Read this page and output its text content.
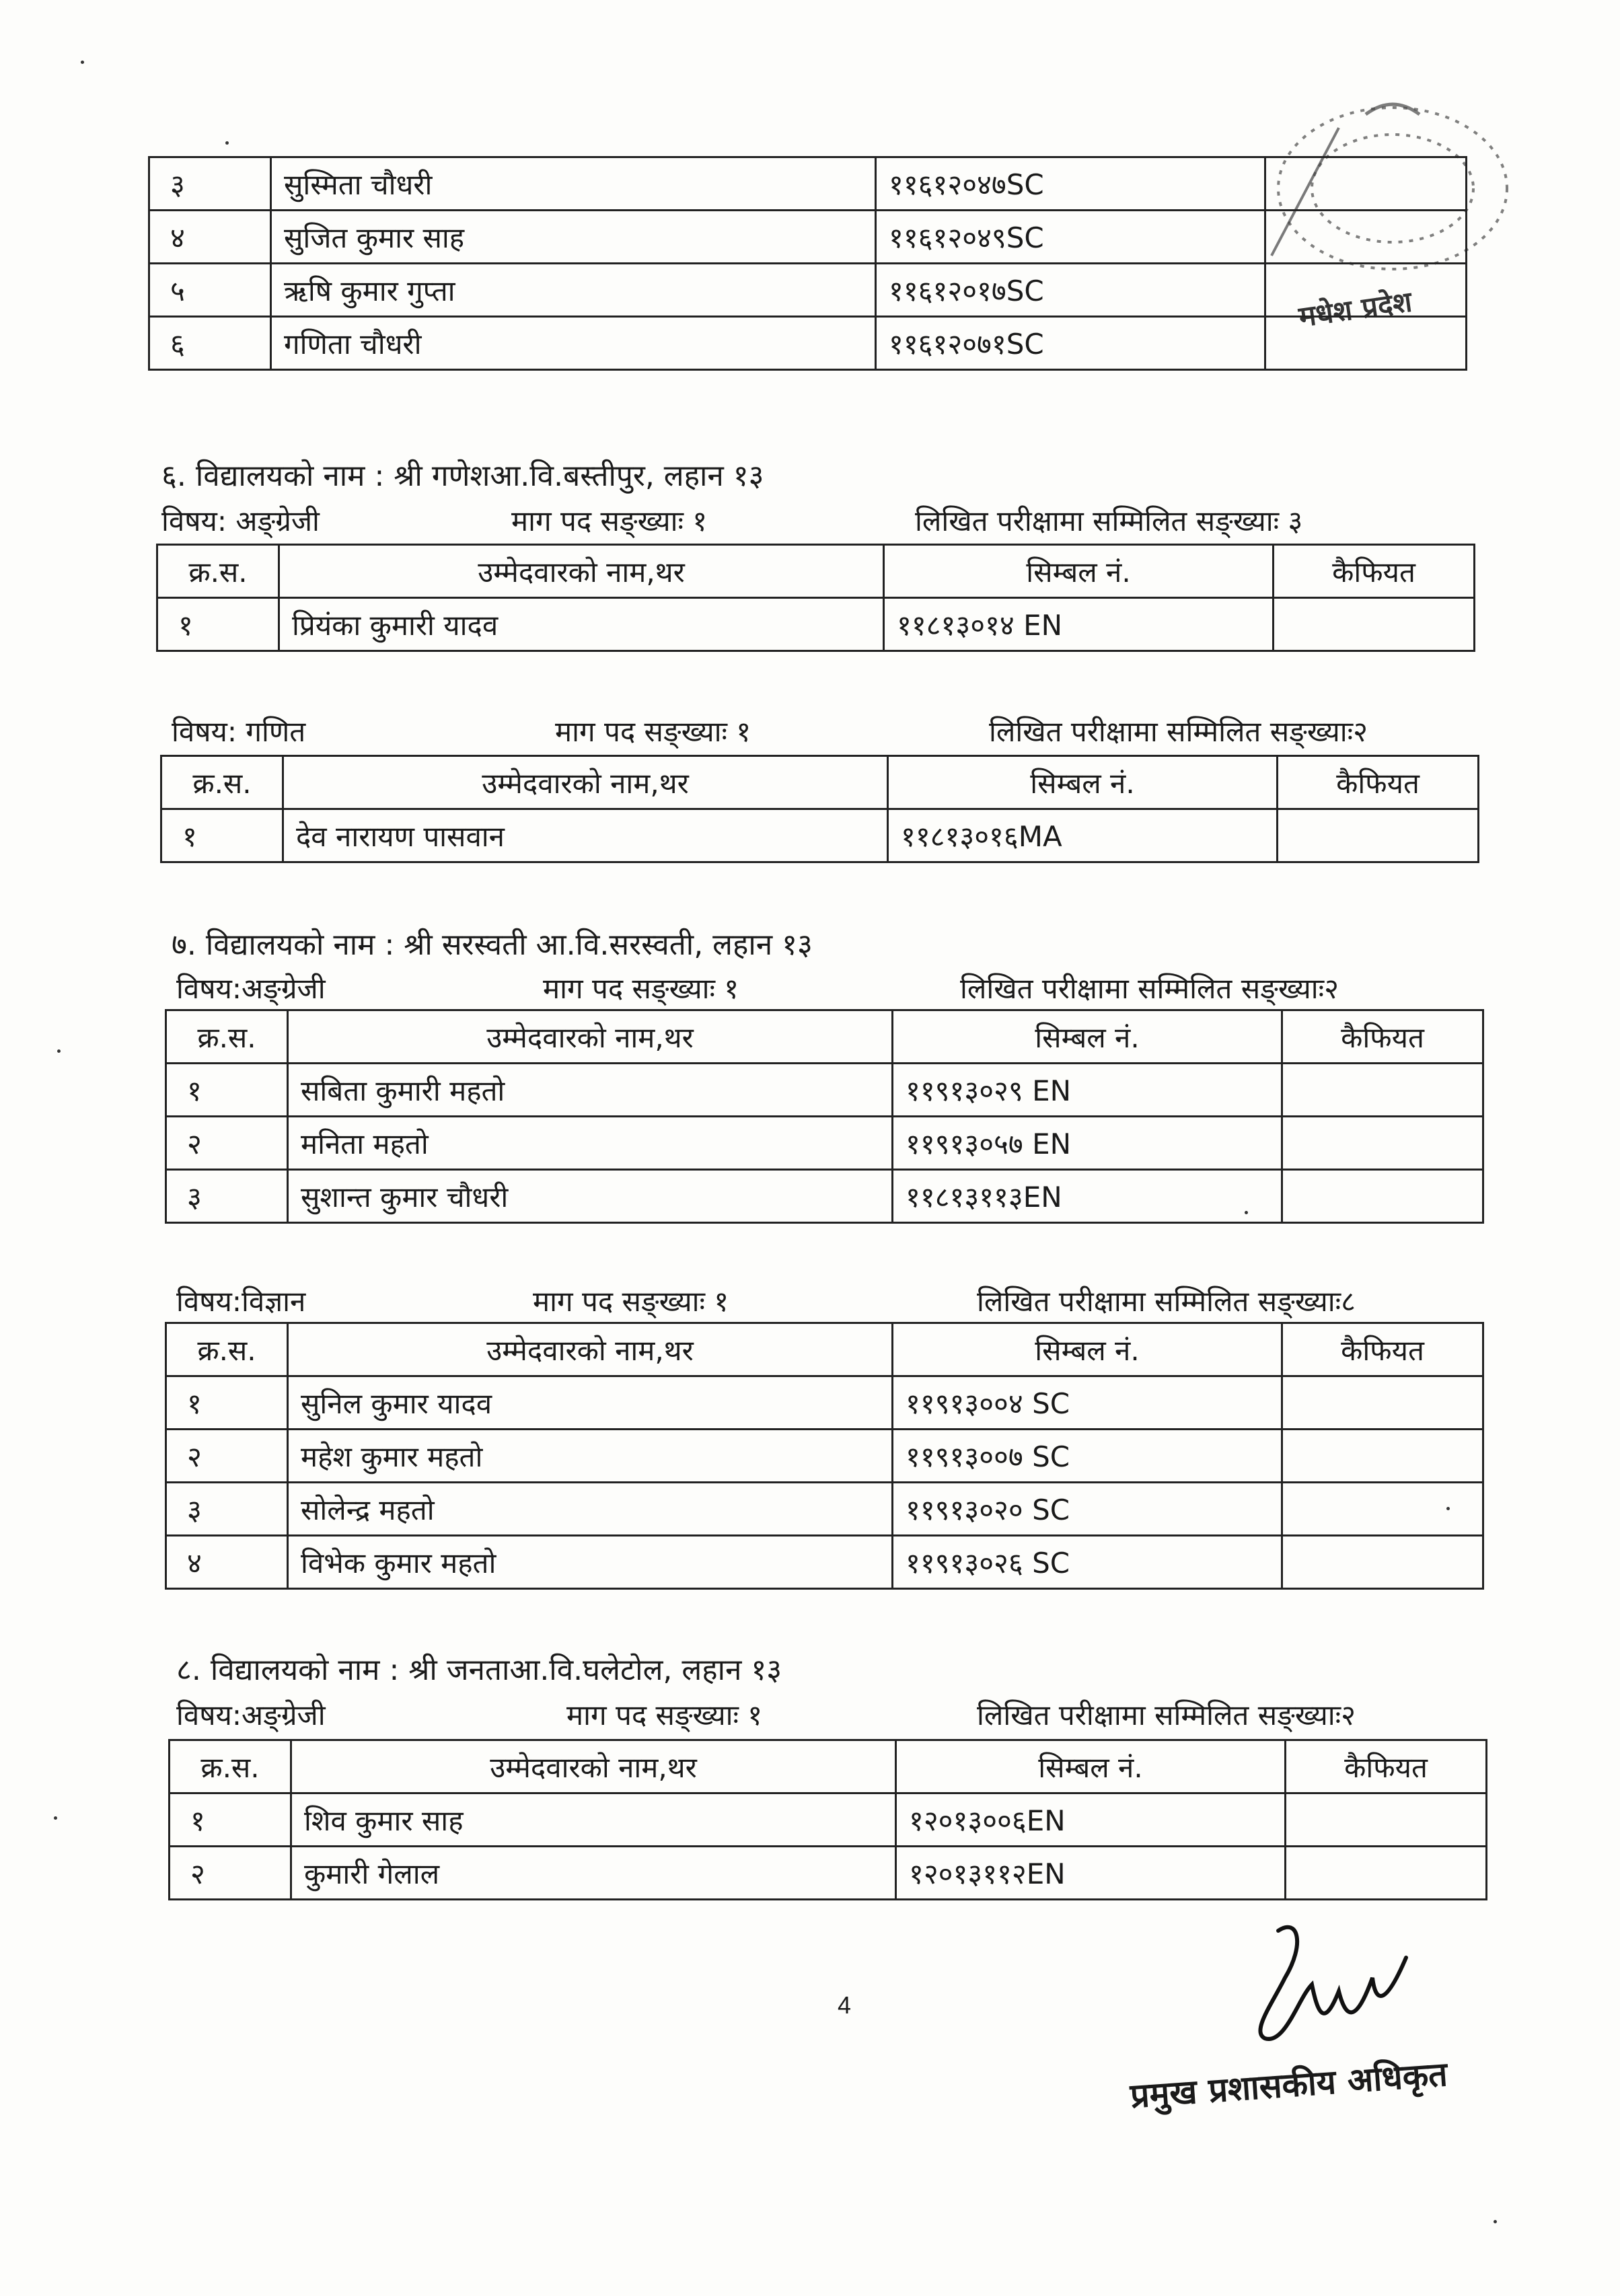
मधेश प्रदेश
३	सुस्मिता चौधरी	११६१२०४७SC	
४	सुजित कुमार साह	११६१२०४९SC	
५	ऋषि कुमार गुप्ता	११६१२०१७SC	
६	गणिता चौधरी	११६१२०७१SC	
६. विद्यालयको नाम : श्री गणेशआ.वि.बस्तीपुर, लहान १३
विषय: अङ्ग्रेजी	माग पद सङ्ख्याः १	लिखित परीक्षामा सम्मिलित सङ्ख्याः ३
क्र.स.	उम्मेदवारको नाम,थर	सिम्बल नं.	कैफियत
१	प्रियंका कुमारी यादव	११८१३०१४ EN	
विषय: गणित	माग पद सङ्ख्याः १	लिखित परीक्षामा सम्मिलित सङ्ख्याः२
क्र.स.	उम्मेदवारको नाम,थर	सिम्बल नं.	कैफियत
१	देव नारायण पासवान	११८१३०१६MA	
७. विद्यालयको नाम : श्री सरस्वती आ.वि.सरस्वती, लहान १३
विषय:अङ्ग्रेजी	माग पद सङ्ख्याः १	लिखित परीक्षामा सम्मिलित सङ्ख्याः२
क्र.स.	उम्मेदवारको नाम,थर	सिम्बल नं.	कैफियत
१	सबिता कुमारी महतो	११९१३०२९ EN	
२	मनिता महतो	११९१३०५७ EN	
३	सुशान्त कुमार चौधरी	११८१३११३EN	
विषय:विज्ञान	माग पद सङ्ख्याः १	लिखित परीक्षामा सम्मिलित सङ्ख्याः८
क्र.स.	उम्मेदवारको नाम,थर	सिम्बल नं.	कैफियत
१	सुनिल कुमार यादव	११९१३००४ SC	
२	महेश कुमार महतो	११९१३००७ SC	
३	सोलेन्द्र महतो	११९१३०२० SC	
४	विभेक कुमार महतो	११९१३०२६ SC	
८. विद्यालयको नाम : श्री जनताआ.वि.घलेटोल, लहान १३
विषय:अङ्ग्रेजी	माग पद सङ्ख्याः १	लिखित परीक्षामा सम्मिलित सङ्ख्याः२
क्र.स.	उम्मेदवारको नाम,थर	सिम्बल नं.	कैफियत
१	शिव कुमार साह	१२०१३००६EN	
२	कुमारी गेलाल	१२०१३११२EN	
4
प्रमुख प्रशासकीय अधिकृत
